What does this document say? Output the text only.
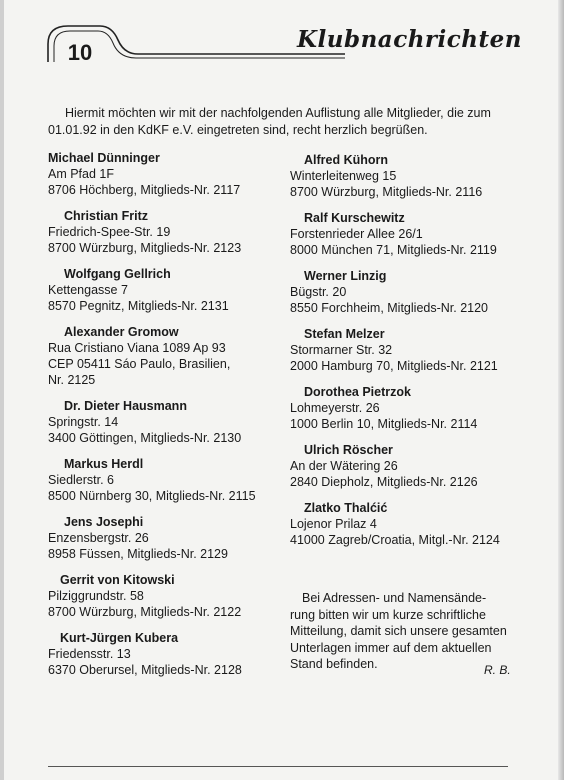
10	Klubnachrichten

Hiermit möchten wir mit der nachfolgenden Auflistung alle Mitglieder, die zum
01.01.92 in den KdKF e.V. eingetreten sind, recht herzlich begrüßen.

Michael Dünninger
Am Pfad 1F
8706 Höchberg, Mitglieds-Nr. 2117
Christian Fritz
Friedrich-Spee-Str. 19
8700 Würzburg, Mitglieds-Nr. 2123
Wolfgang Gellrich
Kettengasse 7
8570 Pegnitz, Mitglieds-Nr. 2131
Alexander Gromow
Rua Cristiano Viana 1089 Ap 93
CEP 05411 Sáo Paulo, Brasilien,
Nr. 2125
Dr. Dieter Hausmann
Springstr. 14
3400 Göttingen, Mitglieds-Nr. 2130
Markus Herdl
Siedlerstr. 6
8500 Nürnberg 30, Mitglieds-Nr. 2115
Jens Josephi
Enzensbergstr. 26
8958 Füssen, Mitglieds-Nr. 2129
Gerrit von Kitowski
Pilziggrundstr. 58
8700 Würzburg, Mitglieds-Nr. 2122
Kurt-Jürgen Kubera
Friedensstr. 13
6370 Oberursel, Mitglieds-Nr. 2128
Alfred Kühorn
Winterleitenweg 15
8700 Würzburg, Mitglieds-Nr. 2116
Ralf Kurschewitz
Forstenrieder Allee 26/1
8000 München 71, Mitglieds-Nr. 2119
Werner Linzig
Bügstr. 20
8550 Forchheim, Mitglieds-Nr. 2120
Stefan Melzer
Stormarner Str. 32
2000 Hamburg 70, Mitglieds-Nr. 2121
Dorothea Pietrzok
Lohmeyerstr. 26
1000 Berlin 10, Mitglieds-Nr. 2114
Ulrich Röscher
An der Wätering 26
2840 Diepholz, Mitglieds-Nr. 2126
Zlatko Thalćić
Lojenor Prilaz 4
41000 Zagreb/Croatia, Mitgl.-Nr. 2124

Bei Adressen- und Namensände-
rung bitten wir um kurze schriftliche
Mitteilung, damit sich unsere gesamten
Unterlagen immer auf dem aktuellen
Stand befinden.	R. B.
